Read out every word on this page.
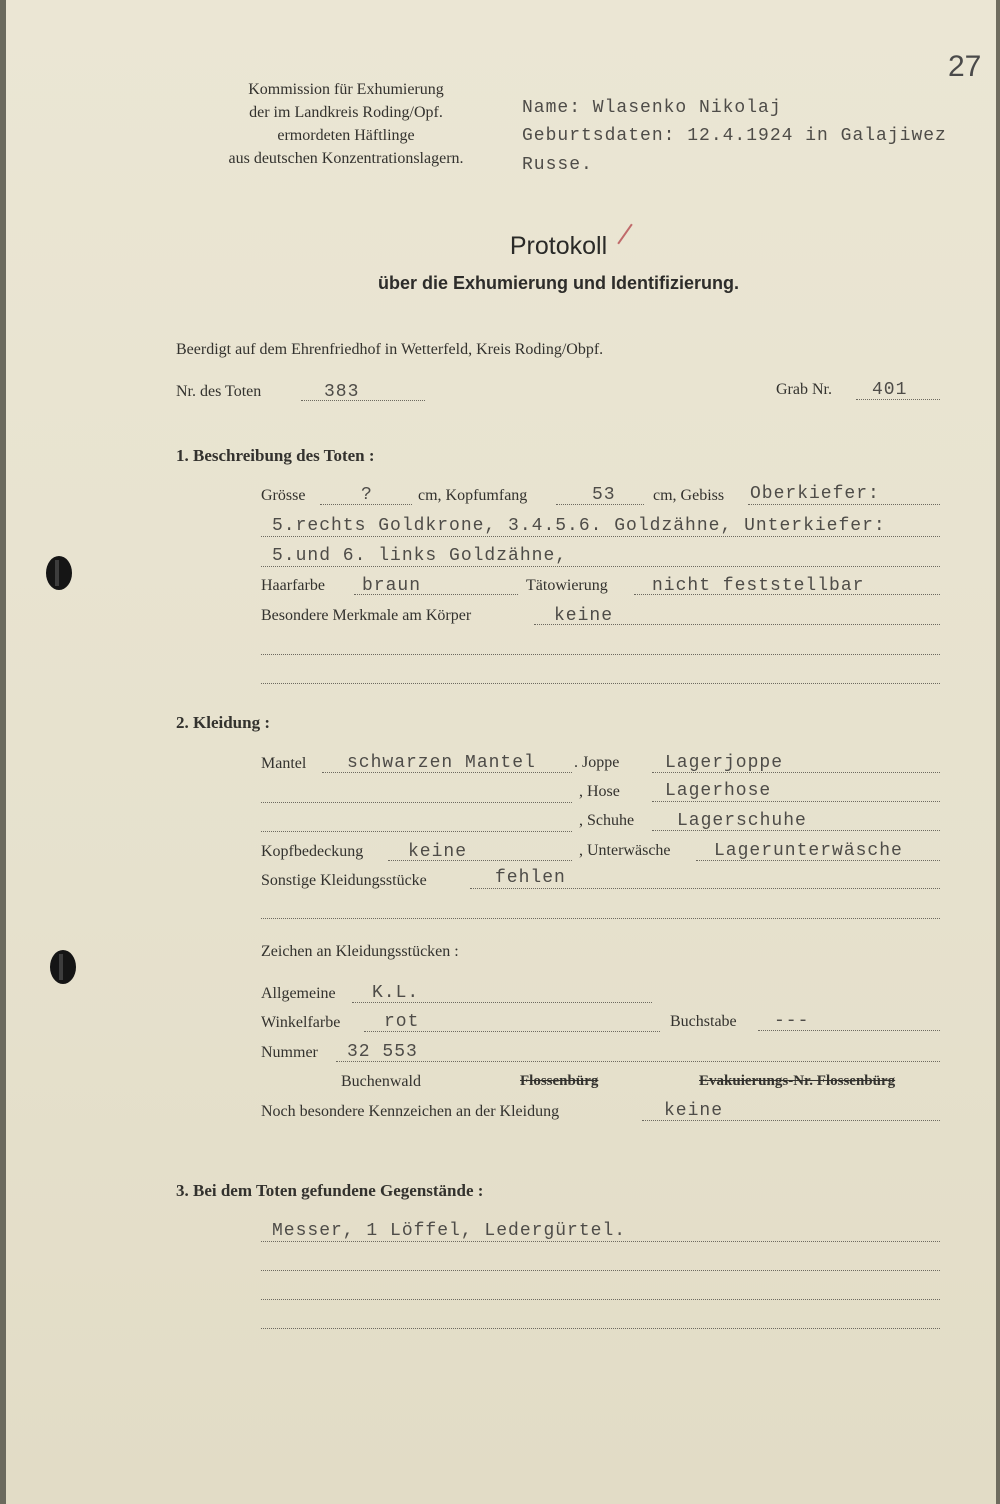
27
Kommission für Exhumierung
der im Landkreis Roding/Opf.
ermordeten Häftlinge
aus deutschen Konzentrationslagern.
Name: Wlasenko Nikolaj
Geburtsdaten: 12.4.1924 in Galajiwez
Russe.
Protokoll
über die Exhumierung und Identifizierung.
Beerdigt auf dem Ehrenfriedhof in Wetterfeld, Kreis Roding/Obpf.
Nr. des Toten	383	Grab Nr. 401
1. Beschreibung des Toten :
Grösse	?	cm, Kopfumfang	53 cm, Gebiss Oberkiefer:
5.rechts Goldkrone, 3.4.5.6. Goldzähne, Unterkiefer:
5.und 6. links Goldzähne,
Haarfarbe braun	Tätowierung nicht feststellbar
Besondere Merkmale am Körper	keine
2. Kleidung :
Mantel schwarzen Mantel . Joppe	Lagerjoppe
, Hose	Lagerhose
, Schuhe Lagerschuhe
Kopfbedeckung keine	, Unterwäsche Lagerunterwäsche
Sonstige Kleidungsstücke	fehlen
Zeichen an Kleidungsstücken :
Allgemeine K.L.
Winkelfarbe rot	Buchstabe ---
Nummer 32 553
Buchenwald	Flossenbürg	Evakuierungs-Nr. Flossenbürg
Noch besondere Kennzeichen an der Kleidung	keine
3. Bei dem Toten gefundene Gegenstände :
Messer, 1 Löffel, Ledergürtel.
